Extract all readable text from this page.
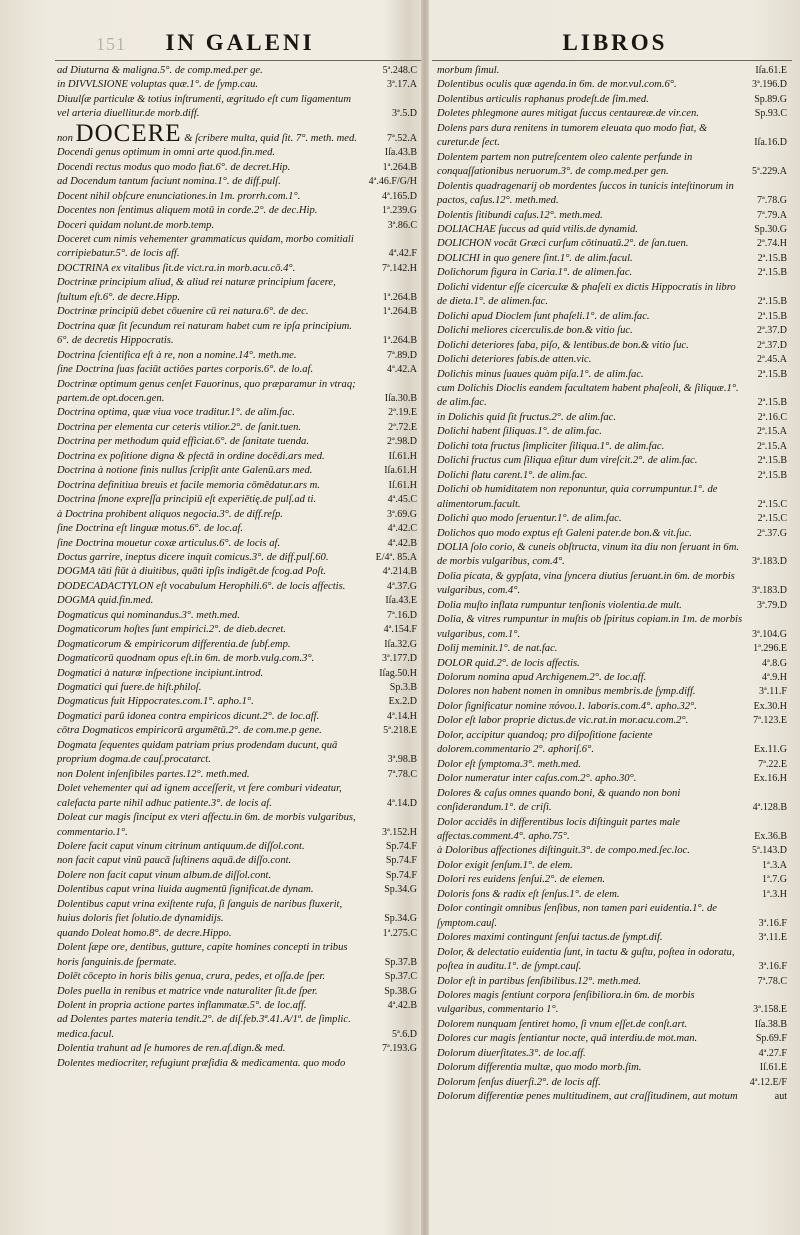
151	IN GALENI	LIBROS
ad Diuturna & maligna.5°. de comp.med.per ge.	5ª.248.C
in DIVVLSIONE voluptas quæ.1°. de ſymp.cau.	3ª.17.A
Diuulſæ particulæ & totius inſtrumenti, ægritudo eſt cum ligamentum vel arteria diuellitur.de morb.diff.	3ª.5.D
non DOCERE & ſcribere multa, quid ſit. 7°. meth. med.	7ª.52.A
Docendi genus optimum in omni arte quod.fin.med.	Iſa.43.B
Docendi rectus modus quo modo fiat.6°. de decret.Hip.	1ª.264.B
ad Docendum tantum faciunt nomina.1°. de diff.pulſ.	4ª.46.F/G/H
Docent nihil obſcure enunciationes.in 1m. prorrh.com.1°.	4ª.165.D
Docentes non ſentimus aliquem motū in corde.2°. de dec.Hip.	1ª.239.G
Doceri quidam nolunt.de morb.temp.	3ª.86.C
Doceret cum nimis vehementer grammaticus quidam, morbo comitiali corripiebatur.5°. de locis aff.	4ª.42.F
DOCTRINA ex vitalibus ſit.de vict.ra.in morb.acu.cō.4°.	7ª.142.H
Doctrinæ principium aliud, & aliud rei naturæ principium facere, ſtultum eſt.6°. de decre.Hipp.	1ª.264.B
Doctrinæ principiū debet cōuenire cū rei natura.6°. de dec.	1ª.264.B
Doctrina quæ ſit ſecundum rei naturam habet cum re ipſa principium. 6°. de decretis Hippocratis.	1ª.264.B
Doctrina ſcientifica eſt à re, non a nomine.14°. meth.me.	7ª.89.D
ſine Doctrina ſuas faciūt actiōes partes corporis.6°. de lo.af.	4ª.42.A
Doctrinæ optimum genus cenſet Fauorinus, quo præparamur in vtraq; partem.de opt.docen.gen.	Iſa.30.B
Doctrina optima, quæ viua voce traditur.1°. de alim.fac.	2ª.19.E
Doctrina per elementa cur ceteris vtilior.2°. de ſanit.tuen.	2ª.72.E
Doctrina per methodum quid efficiat.6°. de ſanitate tuenda.	2ª.98.D
Doctrina ex poſitione digna & pfectā in ordine docēdi.ars med.	Iſ.61.H
Doctrina à notione finis nullus ſcripſit ante Galenū.ars med.	Iſa.61.H
Doctrina definitiua breuis et facile memoria cōmēdatur.ars m.	Iſ.61.H
Doctrina ſmone expreſſa principiū eſt experiētię.de pulſ.ad ti.	4ª.45.C
à Doctrina prohibent aliquos negocia.3°. de diff.reſp.	3ª.69.G
ſine Doctrina eſt linguæ motus.6°. de loc.af.	4ª.42.C
ſine Doctrina mouetur coxæ articulus.6°. de locis af.	4ª.42.B
Doctus garrire, ineptus dicere inquit comicus.3°. de diff.pulſ.60.	E/4ª. 85.A
DOGMA tāti fiūt à diuitibus, quāti ipſis indigēt.de fcog.ad Poſt.	4ª.214.B
DODECADACTYLON eſt vocabulum Herophili.6°. de locis affectis.	4ª.37.G
DOGMA quid.fin.med.	Iſa.43.E
Dogmaticus qui nominandus.3°. meth.med.	7ª.16.D
Dogmaticorum hoſtes ſunt empirici.2°. de dieb.decret.	4ª.154.F
Dogmaticorum & empiricorum differentia.de ſubf.emp.	Iſa.32.G
Dogmaticorū quodnam opus eſt.in 6m. de morb.vulg.com.3°.	3ª.177.D
Dogmatici à naturæ inſpectione incipiunt.introd.	Iſag.50.H
Dogmatici qui fuere.de hiſt.philoſ.	Sp.3.B
Dogmaticus fuit Hippocrates.com.1°. apho.1°.	Ex.2.D
Dogmatici parū idonea contra empiricos dicunt.2°. de loc.aff.	4ª.14.H
cōtra Dogmaticos empiricorū argumētū.2°. de com.me.p gene.	5ª.218.E
Dogmata ſequentes quidam patriam prius prodendam ducunt, quā proprium dogma.de cauſ.procatarct.	3ª.98.B
non Dolent inſenſibiles partes.12°. meth.med.	7ª.78.C
Dolet vehementer qui ad ignem acceſſerit, vt fere comburi videatur, calefacta parte nihil adhuc patiente.3°. de locis af.	4ª.14.D
Doleat cur magis ſinciput ex vteri affectu.in 6m. de morbis vulgaribus, commentario.1°.	3ª.152.H
Dolere facit caput vinum citrinum antiquum.de diſſol.cont.	Sp.74.F
non facit caput vinū paucā ſuſtinens aquā.de diſſo.cont.	Sp.74.F
Dolere non facit caput vinum album.de diſſol.cont.	Sp.74.F
Dolentibus caput vrina liuida augmentū ſignificat.de dynam.	Sp.34.G
Dolentibus caput vrina exiſtente rufa, ſi ſanguis de naribus fluxerit, huius doloris fiet ſolutio.de dynamidijs.	Sp.34.G
quando Doleat homo.8°. de decre.Hippo.	1ª.275.C
Dolent ſæpe ore, dentibus, gutture, capite homines concepti in tribus horis ſanguinis.de ſpermate.	Sp.37.B
Dolēt cōcepto in horis bilis genua, crura, pedes, et oſſa.de ſper.	Sp.37.C
Doles puella in renibus et matrice vnde naturaliter ſit.de ſper.	Sp.38.G
Dolent in propria actione partes inflammatæ.5°. de loc.aff.	4ª.42.B
ad Dolentes partes materia tendit.2°. de diſ.feb.3ª.41.A/1ª. de ſimplic. medica.facul.	5ª.6.D
Dolentia trahunt ad ſe humores de ren.af.dign.& med.	7ª.193.G
Dolentes mediocriter, refugiunt præſidia & medicamenta. quo modo
morbum ſimul.	Iſa.61.E
Dolentibus oculis quæ agenda.in 6m. de mor.vul.com.6°.	3ª.196.D
Dolentibus articulis raphanus prodeſt.de ſim.med.	Sp.89.G
Doletes phlegmone aures mitigat ſuccus centaureæ.de vir.cen.	Sp.93.C
Dolens pars dura renitens in tumorem eleuata quo modo fiat, & curetur.de ſect.	Iſa.16.D
Dolentem partem non putreſcentem oleo calente perfunde in conquaſſationibus neruorum.3°. de comp.med.per gen.	5ª.229.A
Dolentis quadragenarij ob mordentes ſuccos in tunicis inteſtinorum in pactos, caſus.12°. meth.med.	7ª.78.G
Dolentis ſitibundi caſus.12°. meth.med.	7ª.79.A
DOLIACHAE ſuccus ad quid vtilis.de dynamid.	Sp.30.G
DOLICHON vocāt Græci curſum cōtinuatū.2°. de ſan.tuen.	2ª.74.H
DOLICHI in quo genere ſint.1°. de alim.facul.	2ª.15.B
Dolichorum figura in Caria.1°. de alimen.fac.	2ª.15.B
Dolichi videntur eſſe cicerculæ & phaſeli ex dictis Hippocratis in libro de dieta.1°. de alimen.fac.	2ª.15.B
Dolichi apud Dioclem ſunt phaſeli.1°. de alim.fac.	2ª.15.B
Dolichi meliores cicerculis.de bon.& vitio ſuc.	2ª.37.D
Dolichi deteriores faba, piſo, & lentibus.de bon.& vitio ſuc.	2ª.37.D
Dolichi deteriores fabis.de atten.vic.	2ª.45.A
Dolichis minus ſuaues quàm piſa.1°. de alim.fac.	2ª.15.B
cum Dolichis Dioclis eandem facultatem habent phaſeoli, & ſiliquæ.1°. de alim.fac.	2ª.15.B
in Dolichis quid ſit fructus.2°. de alim.fac.	2ª.16.C
Dolichi habent ſiliquas.1°. de alim.fac.	2ª.15.A
Dolichi tota fructus ſimpliciter ſiliqua.1°. de alim.fac.	2ª.15.A
Dolichi fructus cum ſiliqua eſitur dum vireſcit.2°. de alim.fac.	2ª.15.B
Dolichi flatu carent.1°. de alim.fac.	2ª.15.B
Dolichi ob humiditatem non reponuntur, quia corrumpuntur.1°. de alimentorum.facult.	2ª.15.C
Dolichi quo modo ſeruentur.1°. de alim.fac.	2ª.15.C
Dolichos quo modo exptus eſt Galeni pater.de bon.& vit.ſuc.	2ª.37.G
DOLIA ſolo corio, & cuneis obſtructa, vinum ita diu non ſeruant in 6m. de morbis vulgaribus, com.4°.	3ª.183.D
Dolia picata, & gypſata, vina ſyncera diutius ſeruant.in 6m. de morbis vulgaribus, com.4°.	3ª.183.D
Dolia muſto inflata rumpuntur tenſionis violentia.de mult.	3ª.79.D
Dolia, & vitres rumpuntur in muſtis ob ſpiritus copiam.in 1m. de morbis vulgaribus, com.1°.	3ª.104.G
Dolij meminit.1°. de nat.fac.	1ª.296.E
DOLOR quid.2°. de locis affectis.	4ª.8.G
Dolorum nomina apud Archigenem.2°. de loc.aff.	4ª.9.H
Dolores non habent nomen in omnibus membris.de ſymp.diff.	3ª.11.F
Dolor ſignificatur nomine πόνου.1. laboris.com.4°. apho.32°.	Ex.30.H
Dolor eſt labor proprie dictus.de vic.rat.in mor.acu.com.2°.	7ª.123.E
Dolor, accipitur quandoq; pro diſpoſitione faciente dolorem.commentario 2°. aphoriſ.6°.	Ex.11.G
Dolor eſt ſymptoma.3°. meth.med.	7ª.22.E
Dolor numeratur inter caſus.com.2°. apho.30°.	Ex.16.H
Dolores & caſus omnes quando boni, & quando non boni conſiderandum.1°. de criſi.	4ª.128.B
Dolor accidēs in differentibus locis diſtinguit partes male affectas.comment.4°. apho.75°.	Ex.36.B
à Doloribus affectiones diſtinguit.3°. de compo.med.ſec.loc.	5ª.143.D
Dolor exigit ſenſum.1°. de elem.	1ª.3.A
Dolori res euidens ſenſui.2°. de elemen.	1ª.7.G
Doloris fons & radix eſt ſenſus.1°. de elem.	1ª.3.H
Dolor contingit omnibus ſenſibus, non tamen pari euidentia.1°. de ſymptom.cauſ.	3ª.16.F
Dolores maximi contingunt ſenſui tactus.de ſympt.dif.	3ª.11.E
Dolor, & delectatio euidentia ſunt, in tactu & guſtu, poſtea in odoratu, poſtea in auditu.1°. de ſympt.cauſ.	3ª.16.F
Dolor eſt in partibus ſenſibilibus.12°. meth.med.	7ª.78.C
Dolores magis ſentiunt corpora ſenſibiliora.in 6m. de morbis vulgaribus, commentario 1°.	3ª.158.E
Dolorem nunquam ſentiret homo, ſi vnum eſſet.de conſt.art.	Iſa.38.B
Dolores cur magis ſentiantur nocte, quā interdiu.de mot.man.	Sp.69.F
Dolorum diuerſitates.3°. de loc.aff.	4ª.27.F
Dolorum differentia multæ, quo modo morb.ſim.	Iſ.61.E
Dolorum ſenſus diuerſi.2°. de locis aff.	4ª.12.E/F
Dolorum differentiæ penes multitudinem, aut craſſitudinem, aut motum	aut
